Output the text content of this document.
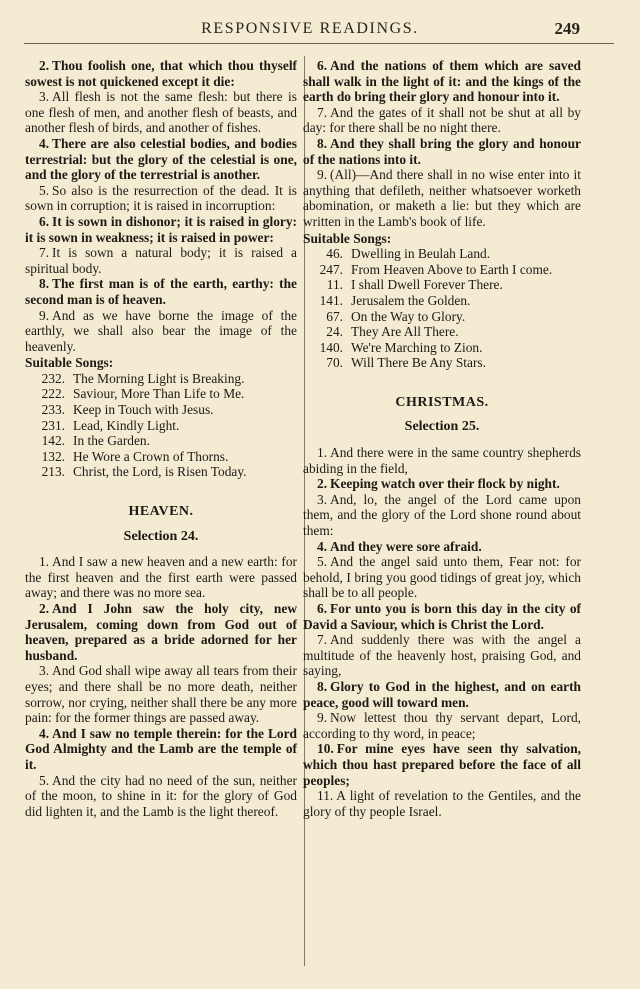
RESPONSIVE READINGS.	249
2. Thou foolish one, that which thou thyself sowest is not quickened except it die:
3. All flesh is not the same flesh: but there is one flesh of men, and another flesh of beasts, and another flesh of birds, and another of fishes.
4. There are also celestial bodies, and bodies terrestrial: but the glory of the celestial is one, and the glory of the terrestrial is another.
5. So also is the resurrection of the dead. It is sown in corruption; it is raised in incorruption:
6. It is sown in dishonor; it is raised in glory: it is sown in weakness; it is raised in power:
7. It is sown a natural body; it is raised a spiritual body.
8. The first man is of the earth, earthy: the second man is of heaven.
9. And as we have borne the image of the earthly, we shall also bear the image of the heavenly.
Suitable Songs:
232. The Morning Light is Breaking.
222. Saviour, More Than Life to Me.
233. Keep in Touch with Jesus.
231. Lead, Kindly Light.
142. In the Garden.
132. He Wore a Crown of Thorns.
213. Christ, the Lord, is Risen Today.
HEAVEN.
Selection 24.
1. And I saw a new heaven and a new earth: for the first heaven and the first earth were passed away; and there was no more sea.
2. And I John saw the holy city, new Jerusalem, coming down from God out of heaven, prepared as a bride adorned for her husband.
3. And God shall wipe away all tears from their eyes; and there shall be no more death, neither sorrow, nor crying, neither shall there be any more pain: for the former things are passed away.
4. And I saw no temple therein: for the Lord God Almighty and the Lamb are the temple of it.
5. And the city had no need of the sun, neither of the moon, to shine in it: for the glory of God did lighten it, and the Lamb is the light thereof.
6. And the nations of them which are saved shall walk in the light of it: and the kings of the earth do bring their glory and honour into it.
7. And the gates of it shall not be shut at all by day: for there shall be no night there.
8. And they shall bring the glory and honour of the nations into it.
9. (All)—And there shall in no wise enter into it anything that defileth, neither whatsoever worketh abomination, or maketh a lie: but they which are written in the Lamb's book of life.
Suitable Songs:
46. Dwelling in Beulah Land.
247. From Heaven Above to Earth I come.
11. I shall Dwell Forever There.
141. Jerusalem the Golden.
67. On the Way to Glory.
24. They Are All There.
140. We're Marching to Zion.
70. Will There Be Any Stars.
CHRISTMAS.
Selection 25.
1. And there were in the same country shepherds abiding in the field,
2. Keeping watch over their flock by night.
3. And, lo, the angel of the Lord came upon them, and the glory of the Lord shone round about them:
4. And they were sore afraid.
5. And the angel said unto them, Fear not: for behold, I bring you good tidings of great joy, which shall be to all people.
6. For unto you is born this day in the city of David a Saviour, which is Christ the Lord.
7. And suddenly there was with the angel a multitude of the heavenly host, praising God, and saying,
8. Glory to God in the highest, and on earth peace, good will toward men.
9. Now lettest thou thy servant depart, Lord, according to thy word, in peace;
10. For mine eyes have seen thy salvation, which thou hast prepared before the face of all peoples;
11. A light of revelation to the Gentiles, and the glory of thy people Israel.
